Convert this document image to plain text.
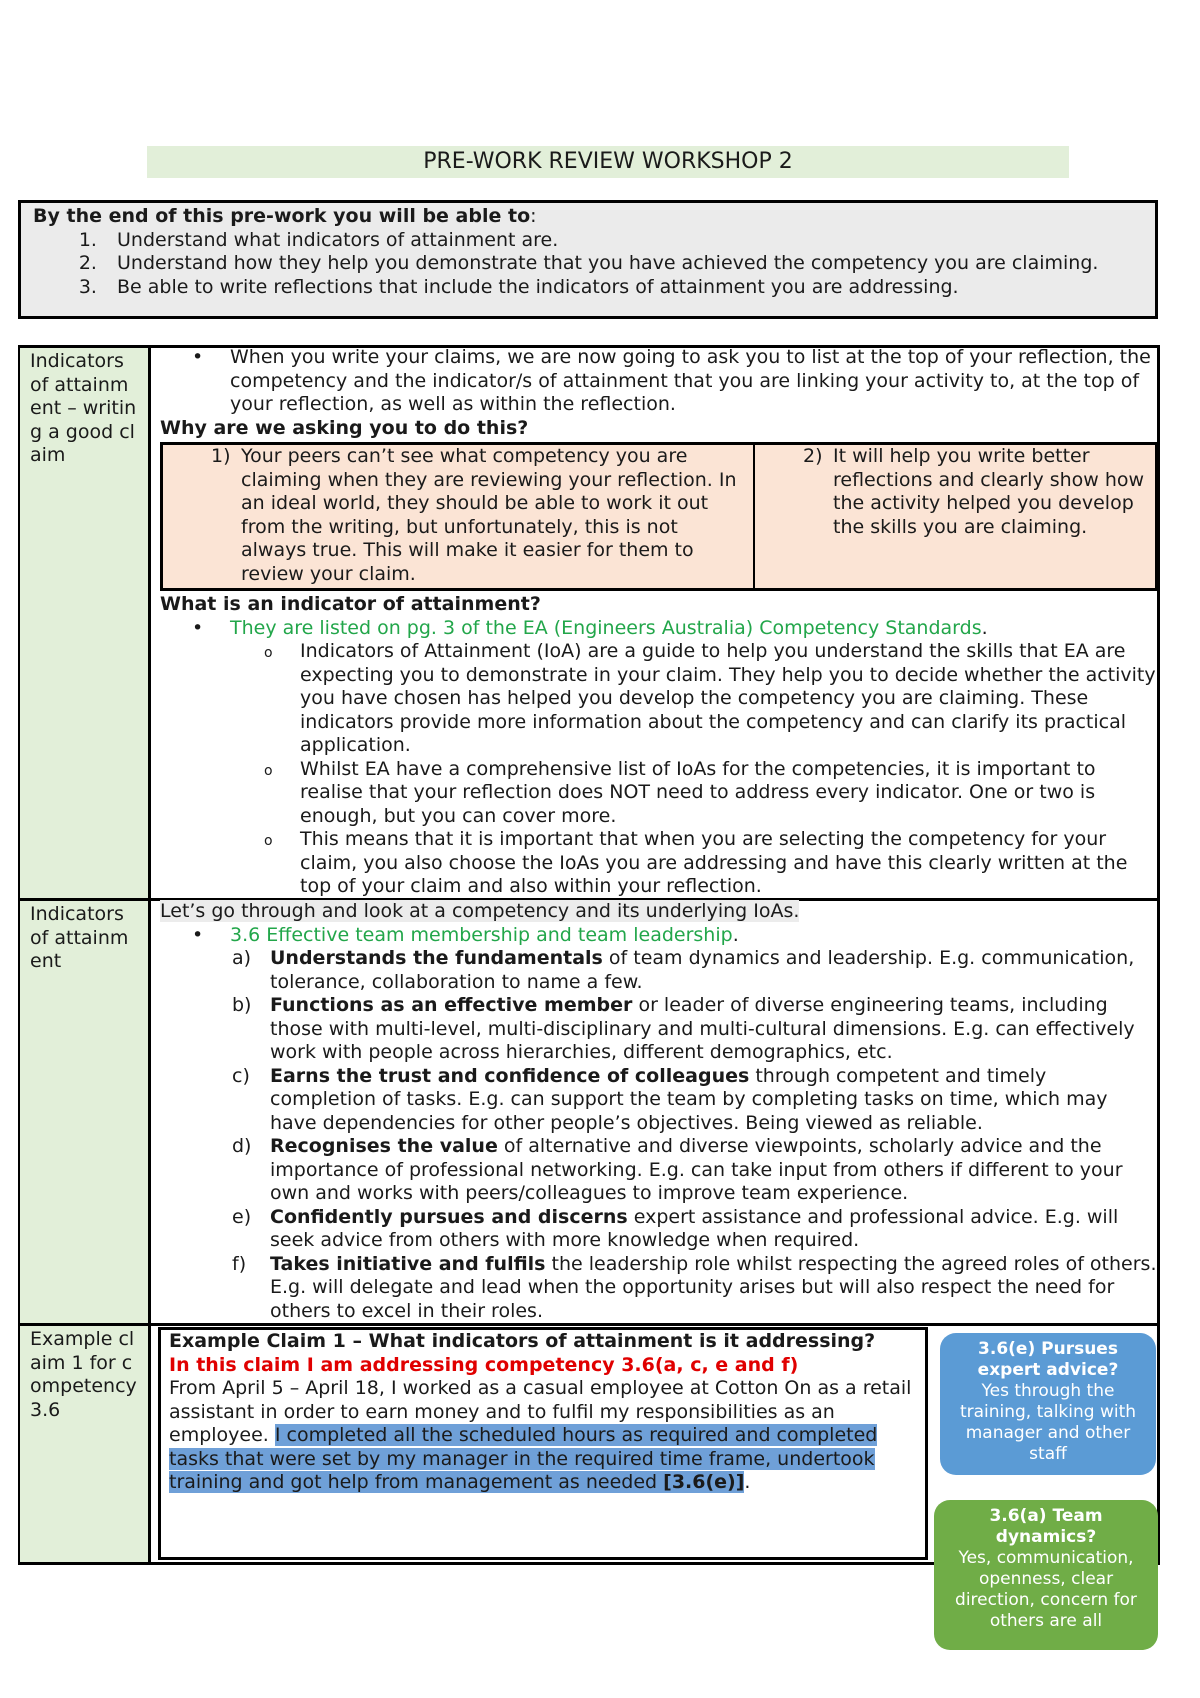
PRE-WORK REVIEW WORKSHOP 2
By the end of this pre-work you will be able to:
1. Understand what indicators of attainment are.
2. Understand how they help you demonstrate that you have achieved the competency you are claiming.
3. Be able to write reflections that include the indicators of attainment you are addressing.
Indicators of attainment – writing a good claim
Indicators of attainment
Example claim 1 for competency 3.6
• When you write your claims, we are now going to ask you to list at the top of your reflection, the competency and the indicator/s of attainment that you are linking your activity to, at the top of your reflection, as well as within the reflection.
Why are we asking you to do this?
1) Your peers can’t see what competency you are claiming when they are reviewing your reflection. In an ideal world, they should be able to work it out from the writing, but unfortunately, this is not always true. This will make it easier for them to review your claim.
2) It will help you write better reflections and clearly show how the activity helped you develop the skills you are claiming.
What is an indicator of attainment?
• They are listed on pg. 3 of the EA (Engineers Australia) Competency Standards.
o Indicators of Attainment (IoA) are a guide to help you understand the skills that EA are expecting you to demonstrate in your claim. They help you to decide whether the activity you have chosen has helped you develop the competency you are claiming. These indicators provide more information about the competency and can clarify its practical application.
o Whilst EA have a comprehensive list of IoAs for the competencies, it is important to realise that your reflection does NOT need to address every indicator. One or two is enough, but you can cover more.
o This means that it is important that when you are selecting the competency for your claim, you also choose the IoAs you are addressing and have this clearly written at the top of your claim and also within your reflection.
Let’s go through and look at a competency and its underlying IoAs.
• 3.6 Effective team membership and team leadership.
a) Understands the fundamentals of team dynamics and leadership. E.g. communication, tolerance, collaboration to name a few.
b) Functions as an effective member or leader of diverse engineering teams, including those with multi-level, multi-disciplinary and multi-cultural dimensions. E.g. can effectively work with people across hierarchies, different demographics, etc.
c) Earns the trust and confidence of colleagues through competent and timely completion of tasks. E.g. can support the team by completing tasks on time, which may have dependencies for other people’s objectives. Being viewed as reliable.
d) Recognises the value of alternative and diverse viewpoints, scholarly advice and the importance of professional networking. E.g. can take input from others if different to your own and works with peers/colleagues to improve team experience.
e) Confidently pursues and discerns expert assistance and professional advice. E.g. will seek advice from others with more knowledge when required.
f) Takes initiative and fulfils the leadership role whilst respecting the agreed roles of others. E.g. will delegate and lead when the opportunity arises but will also respect the need for others to excel in their roles.
Example Claim 1 – What indicators of attainment is it addressing?
In this claim I am addressing competency 3.6(a, c, e and f)
From April 5 – April 18, I worked as a casual employee at Cotton On as a retail assistant in order to earn money and to fulfil my responsibilities as an employee. I completed all the scheduled hours as required and completed tasks that were set by my manager in the required time frame, undertook training and got help from management as needed [3.6(e)].
3.6(e) Pursues expert advice?
Yes through the training, talking with manager and other staff
3.6(a) Team dynamics?
Yes, communication, openness, clear direction, concern for others are all
